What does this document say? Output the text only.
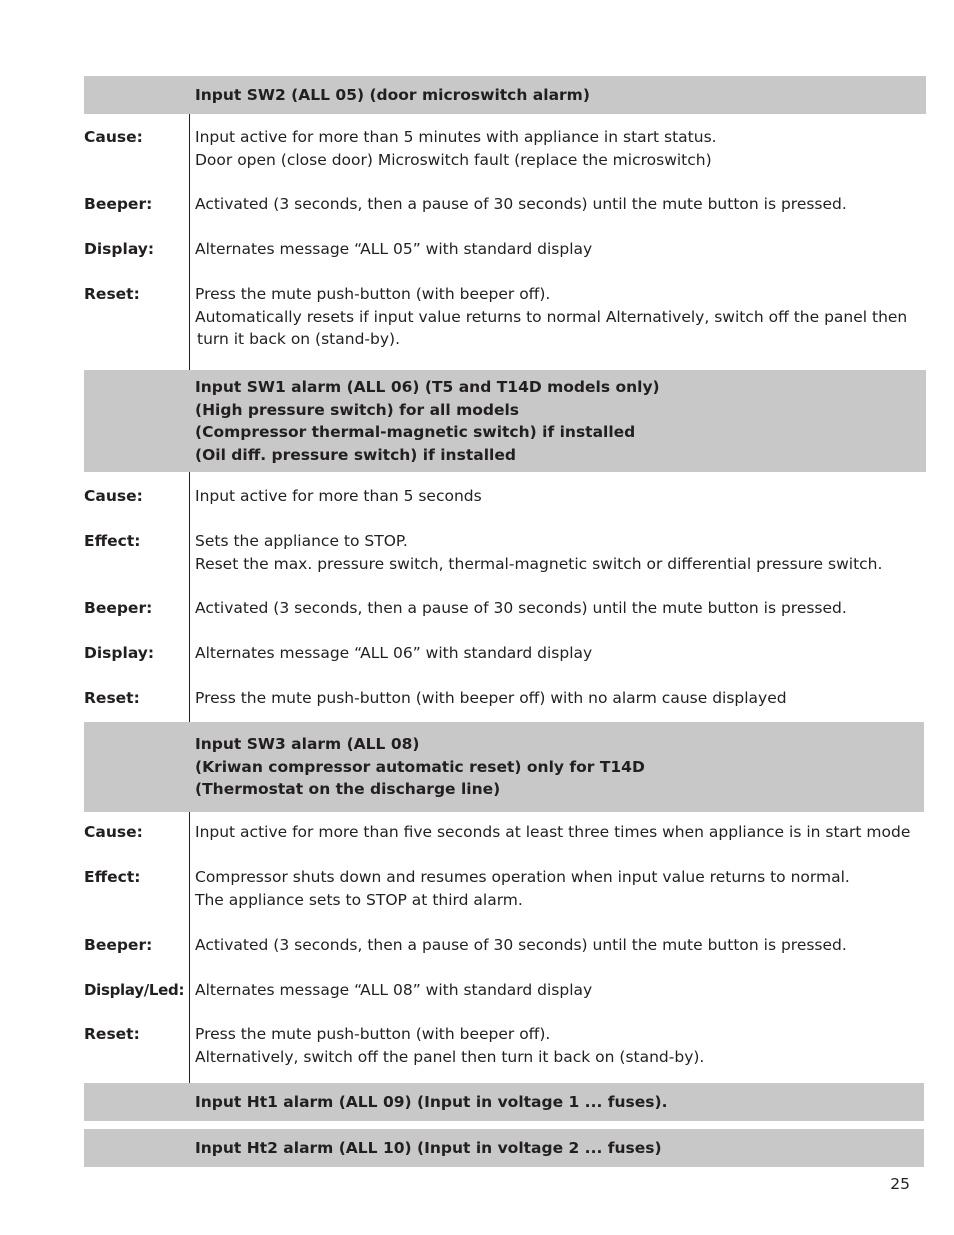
Input SW2 (ALL 05) (door microswitch alarm)
Cause:	Input active for more than 5 minutes with appliance in start status.
Door open (close door) Microswitch fault (replace the microswitch)
Beeper:	Activated (3 seconds, then a pause of 30 seconds) until the mute button is pressed.
Display:	Alternates message “ALL 05” with standard display
Reset:	Press the mute push-button (with beeper off).
Automatically resets if input value returns to normal Alternatively, switch off the panel then
turn it back on (stand-by).
Input SW1 alarm (ALL 06) (T5 and T14D models only)
(High pressure switch) for all models
(Compressor thermal-magnetic switch) if installed
(Oil diff. pressure switch) if installed
Cause:	Input active for more than 5 seconds
Effect:	Sets the appliance to STOP.
Reset the max. pressure switch, thermal-magnetic switch or differential pressure switch.
Beeper:	Activated (3 seconds, then a pause of 30 seconds) until the mute button is pressed.
Display:	Alternates message “ALL 06” with standard display
Reset:	Press the mute push-button (with beeper off) with no alarm cause displayed
Input SW3 alarm (ALL 08)
(Kriwan compressor automatic reset) only for T14D
(Thermostat on the discharge line)
Cause:	Input active for more than five seconds at least three times when appliance is in start mode
Effect:	Compressor shuts down and resumes operation when input value returns to normal.
The appliance sets to STOP at third alarm.
Beeper:	Activated (3 seconds, then a pause of 30 seconds) until the mute button is pressed.
Display/Led: Alternates message “ALL 08” with standard display
Reset:	Press the mute push-button (with beeper off).
Alternatively, switch off the panel then turn it back on (stand-by).
Input Ht1 alarm (ALL 09) (Input in voltage 1 ... fuses).
Input Ht2 alarm (ALL 10) (Input in voltage 2 ... fuses)
25
